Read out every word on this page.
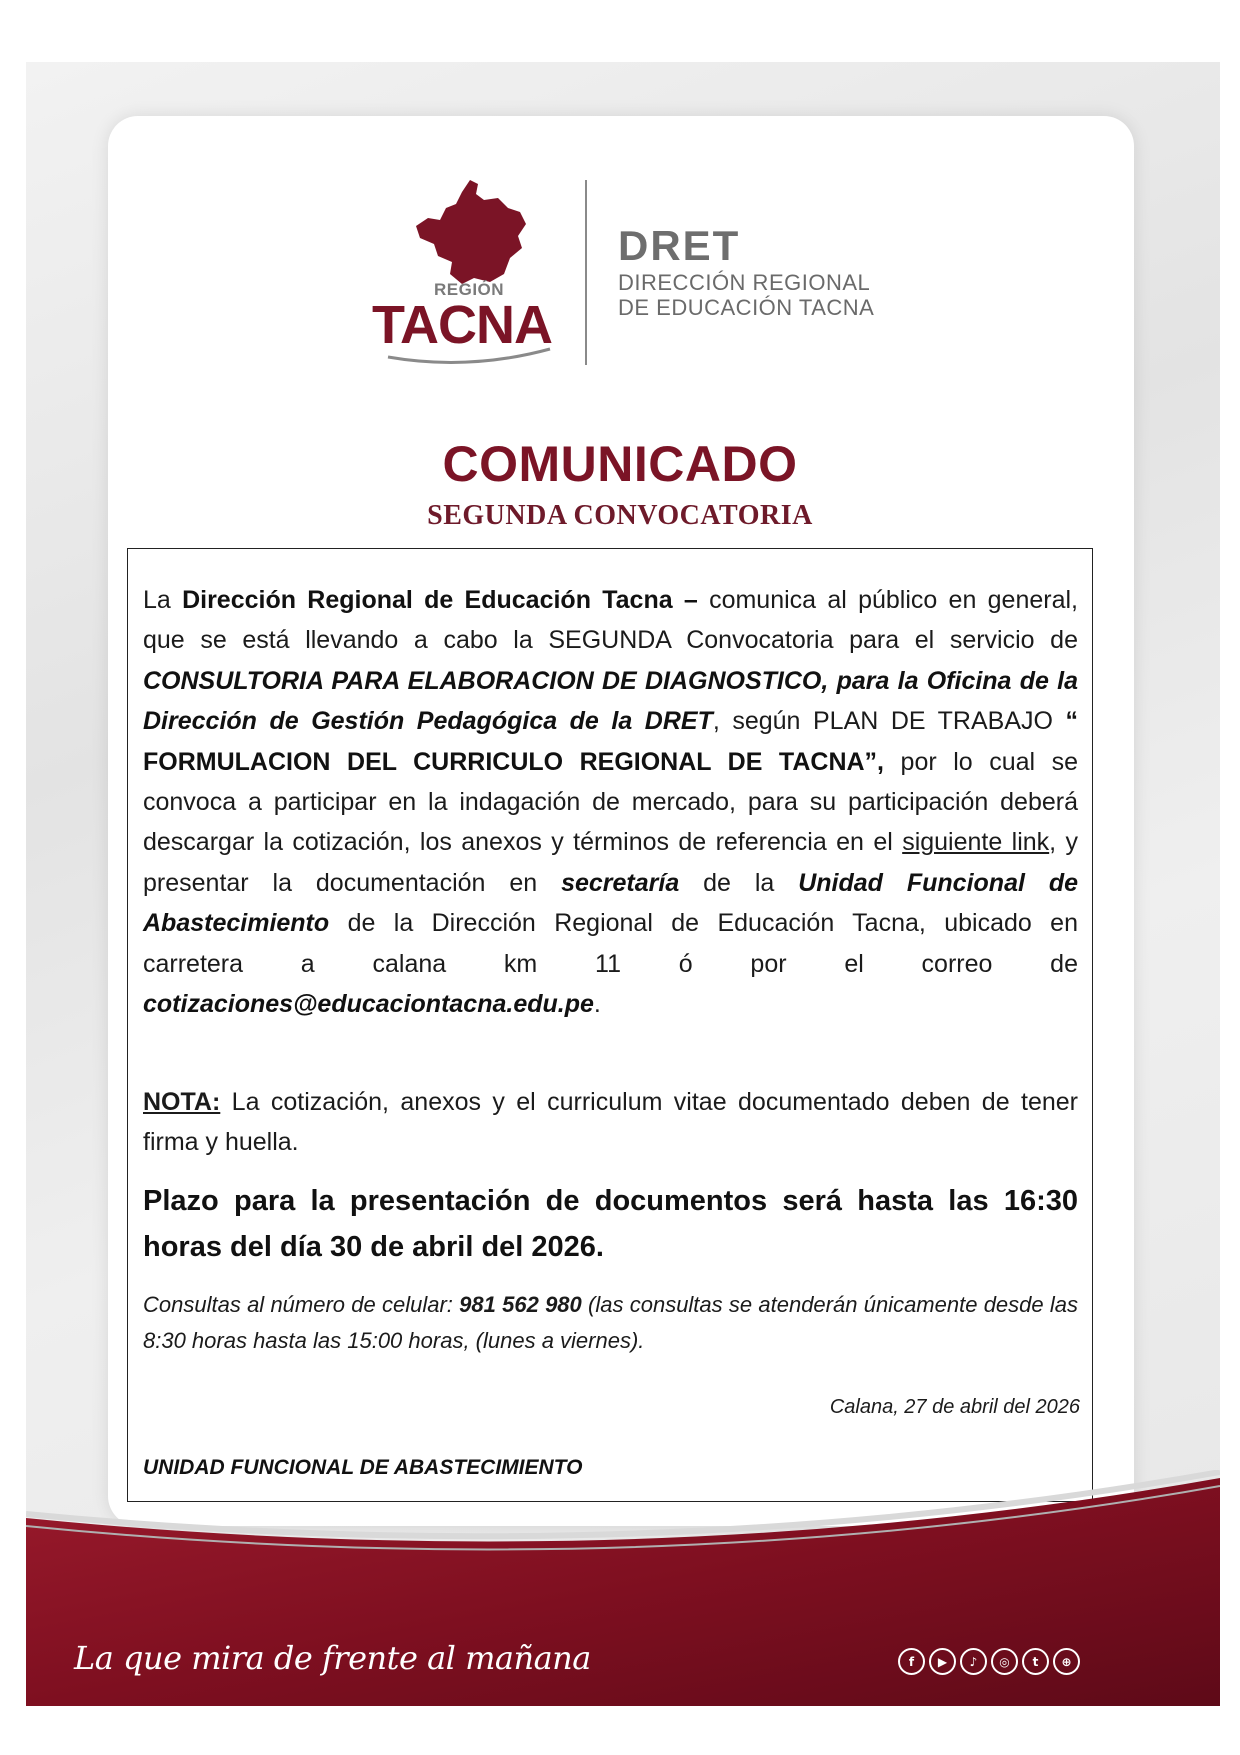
REGIÓN
TACNA
DRET
DIRECCIÓN REGIONAL
DE EDUCACIÓN TACNA
COMUNICADO
SEGUNDA CONVOCATORIA
La Dirección Regional de Educación Tacna – comunica al público en general, que se está llevando a cabo la SEGUNDA Convocatoria para el servicio de CONSULTORIA PARA ELABORACION DE DIAGNOSTICO, para la Oficina de la Dirección de Gestión Pedagógica de la DRET, según PLAN DE TRABAJO “ FORMULACION DEL CURRICULO REGIONAL DE TACNA”, por lo cual se convoca a participar en la indagación de mercado, para su participación deberá descargar la cotización, los anexos y términos de referencia en el siguiente link, y presentar la documentación en secretaría de la Unidad Funcional de Abastecimiento de la Dirección Regional de Educación Tacna, ubicado en carretera a calana km 11 ó por el correo de cotizaciones@educaciontacna.edu.pe.
NOTA: La cotización, anexos y el curriculum vitae documentado deben de tener firma y huella.
Plazo para la presentación de documentos será hasta las 16:30 horas del día 30 de abril del 2026.
Consultas al número de celular: 981 562 980 (las consultas se atenderán únicamente desde las 8:30 horas hasta las 15:00 horas, (lunes a viernes).
Calana, 27 de abril del 2026
UNIDAD FUNCIONAL DE ABASTECIMIENTO
La que mira de frente al mañana	f	▶	♪	◎	t	⊕
